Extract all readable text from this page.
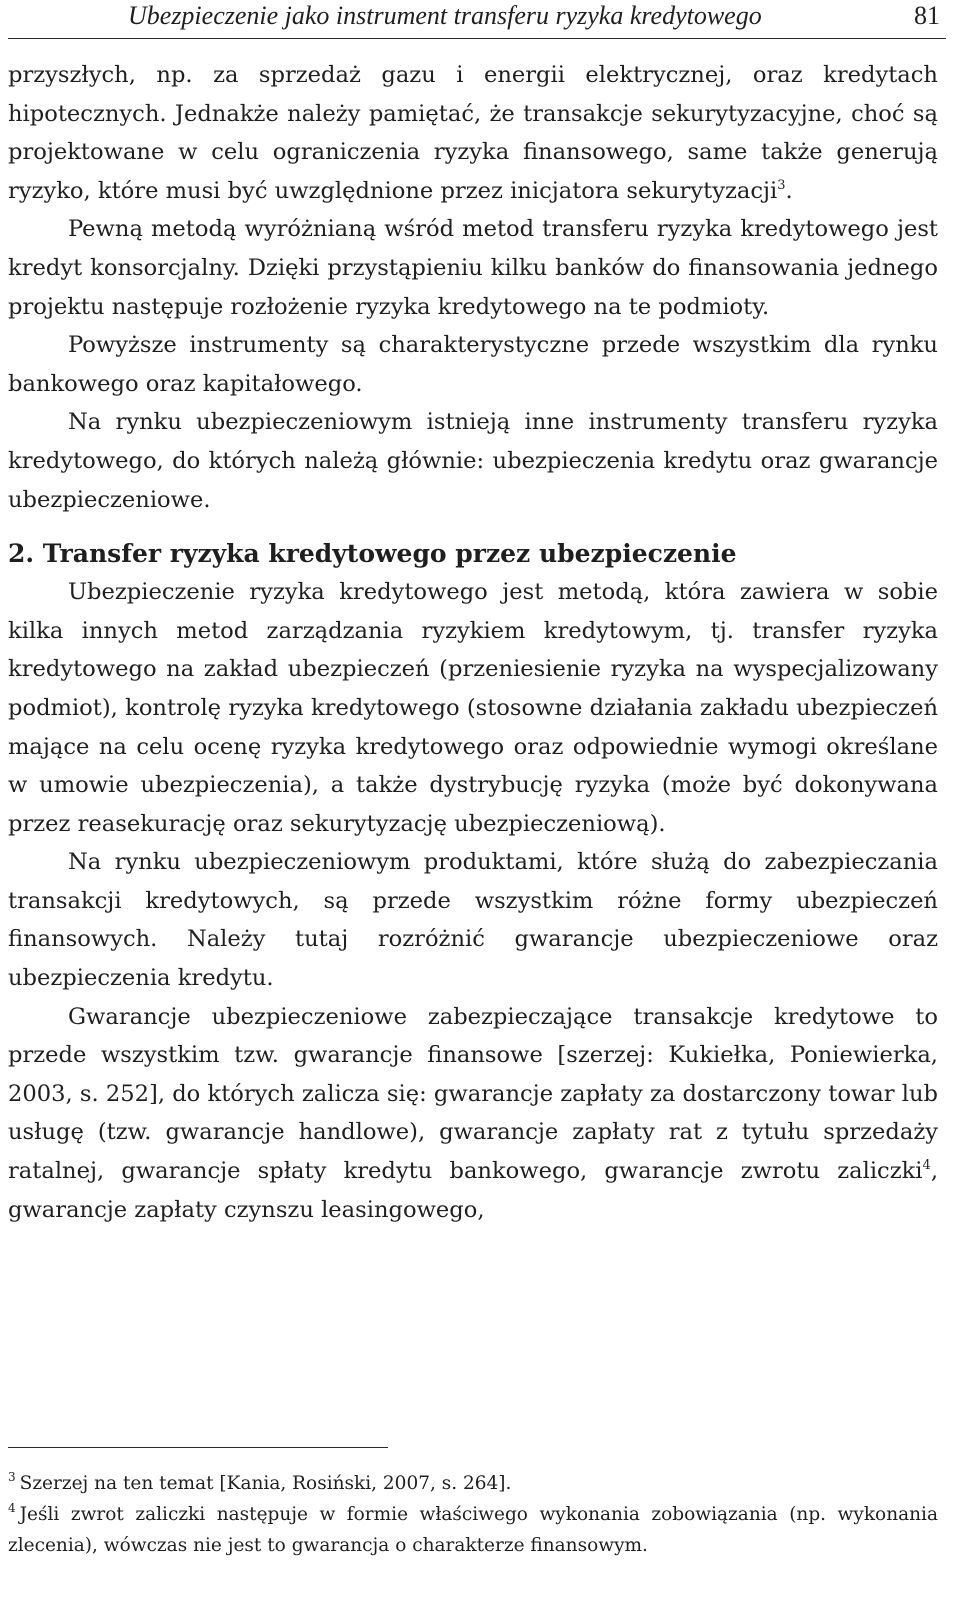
Ubezpieczenie jako instrument transferu ryzyka kredytowego	81

przyszłych, np. za sprzedaż gazu i energii elektrycznej, oraz kredytach hipotecznych. Jednakże należy pamiętać, że transakcje sekurytyzacyjne, choć są projektowane w celu ograniczenia ryzyka finansowego, same także generują ryzyko, które musi być uwzględnione przez inicjatora sekurytyzacji$^3$.

Pewną metodą wyróżnianą wśród metod transferu ryzyka kredytowego jest kredyt konsorcjalny. Dzięki przystąpieniu kilku banków do finansowania jednego projektu następuje rozłożenie ryzyka kredytowego na te podmioty.

Powyższe instrumenty są charakterystyczne przede wszystkim dla rynku bankowego oraz kapitałowego.

Na rynku ubezpieczeniowym istnieją inne instrumenty transferu ryzyka kredytowego, do których należą głównie: ubezpieczenia kredytu oraz gwarancje ubezpieczeniowe.

2. Transfer ryzyka kredytowego przez ubezpieczenie

Ubezpieczenie ryzyka kredytowego jest metodą, która zawiera w sobie kilka innych metod zarządzania ryzykiem kredytowym, tj. transfer ryzyka kredytowego na zakład ubezpieczeń (przeniesienie ryzyka na wyspecjalizowany podmiot), kontrolę ryzyka kredytowego (stosowne działania zakładu ubezpieczeń mające na celu ocenę ryzyka kredytowego oraz odpowiednie wymogi określane w umowie ubezpieczenia), a także dystrybucję ryzyka (może być dokonywana przez reasekurację oraz sekurytyzację ubezpieczeniową).

Na rynku ubezpieczeniowym produktami, które służą do zabezpieczania transakcji kredytowych, są przede wszystkim różne formy ubezpieczeń finansowych. Należy tutaj rozróżnić gwarancje ubezpieczeniowe oraz ubezpieczenia kredytu.

Gwarancje ubezpieczeniowe zabezpieczające transakcje kredytowe to przede wszystkim tzw. gwarancje finansowe [szerzej: Kukiełka, Poniewierka, 2003, s. 252], do których zalicza się: gwarancje zapłaty za dostarczony towar lub usługę (tzw. gwarancje handlowe), gwarancje zapłaty rat z tytułu sprzedaży ratalnej, gwarancje spłaty kredytu bankowego, gwarancje zwrotu zaliczki$^4$, gwarancje zapłaty czynszu leasingowego,

$^3$ Szerzej na ten temat [Kania, Rosiński, 2007, s. 264].

$^4$ Jeśli zwrot zaliczki następuje w formie właściwego wykonania zobowiązania (np. wykonania zlecenia), wówczas nie jest to gwarancja o charakterze finansowym.
